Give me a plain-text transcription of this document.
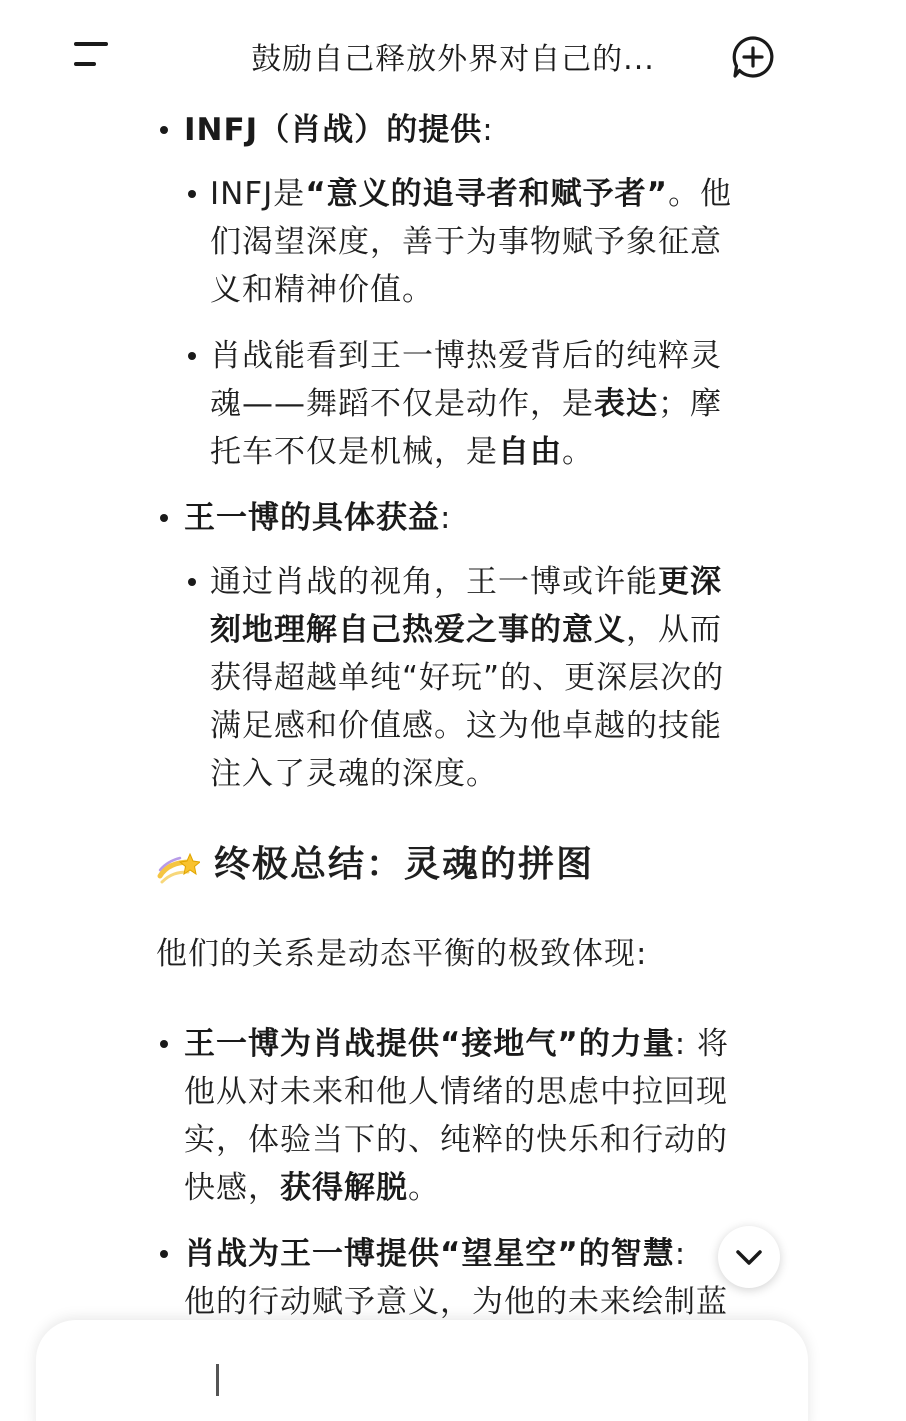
鼓励自己释放外界对自己的...
INFJ（肖战）的提供:
INFJ是“意义的追寻者和赋予者”。他
们渴望深度，善于为事物赋予象征意
义和精神价值。
肖战能看到王一博热爱背后的纯粹灵
魂——舞蹈不仅是动作，是表达；摩
托车不仅是机械，是自由。
王一博的具体获益:
通过肖战的视角，王一博或许能更深
刻地理解自己热爱之事的意义，从而
获得超越单纯“好玩”的、更深层次的
满足感和价值感。这为他卓越的技能
注入了灵魂的深度。
终极总结：灵魂的拼图
他们的关系是动态平衡的极致体现:
王一博为肖战提供“接地气”的力量: 将
他从对未来和他人情绪的思虑中拉回现
实，体验当下的、纯粹的快乐和行动的
快感，获得解脱。
肖战为王一博提供“望星空”的智慧:
他的行动赋予意义，为他的未来绘制蓝
